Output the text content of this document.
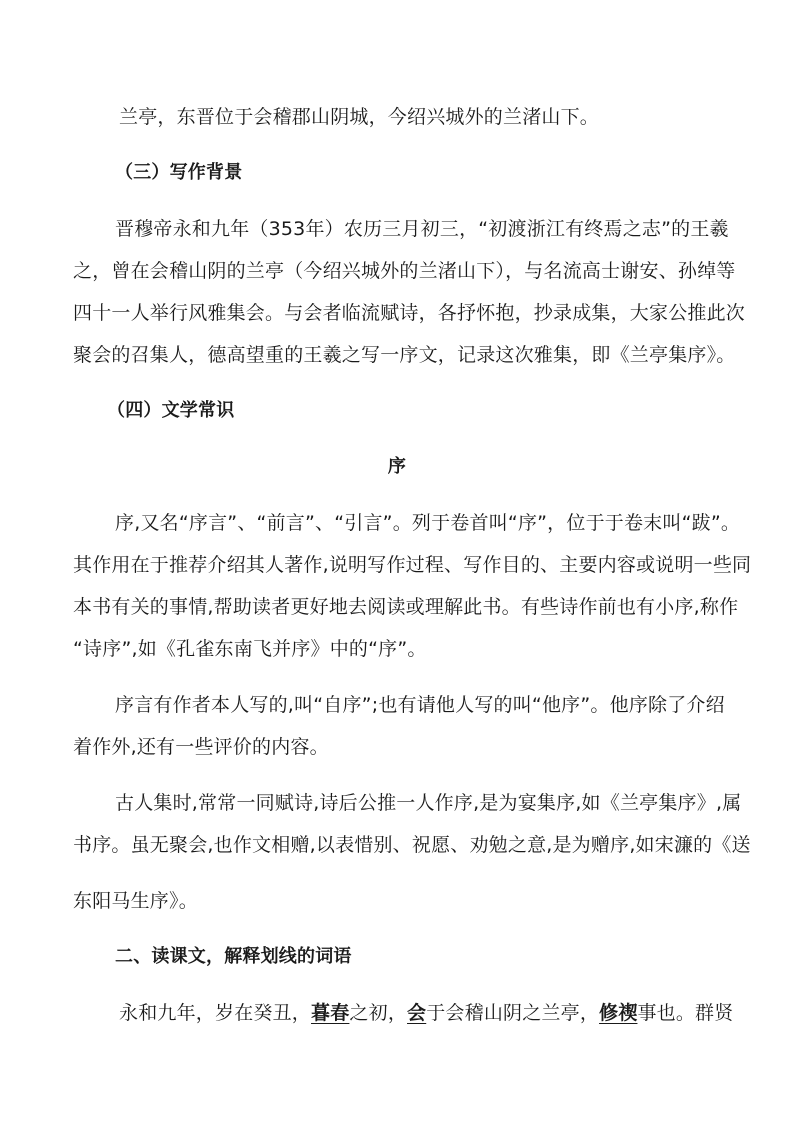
兰亭，东晋位于会稽郡山阴城，今绍兴城外的兰渚山下。
（三）写作背景
晋穆帝永和九年（353年）农历三月初三，“初渡浙江有终焉之志”的王羲
之，曾在会稽山阴的兰亭（今绍兴城外的兰渚山下），与名流高士谢安、孙绰等
四十一人举行风雅集会。与会者临流赋诗，各抒怀抱，抄录成集，大家公推此次
聚会的召集人，德高望重的王羲之写一序文，记录这次雅集，即《兰亭集序》。
（四）文学常识
序
序,又名“序言”、“前言”、“引言”。列于卷首叫“序”，位于于卷末叫“跋”。
其作用在于推荐介绍其人著作,说明写作过程、写作目的、主要内容或说明一些同
本书有关的事情,帮助读者更好地去阅读或理解此书。有些诗作前也有小序,称作
“诗序”,如《孔雀东南飞并序》中的“序”。
序言有作者本人写的,叫“自序”;也有请他人写的叫“他序”。他序除了介绍
着作外,还有一些评价的内容。
古人集时,常常一同赋诗,诗后公推一人作序,是为宴集序,如《兰亭集序》,属
书序。虽无聚会,也作文相赠,以表惜别、祝愿、劝勉之意,是为赠序,如宋濂的《送
东阳马生序》。
二、读课文，解释划线的词语
永和九年，岁在癸丑，暮春之初，会于会稽山阴之兰亭，修禊事也。群贤
